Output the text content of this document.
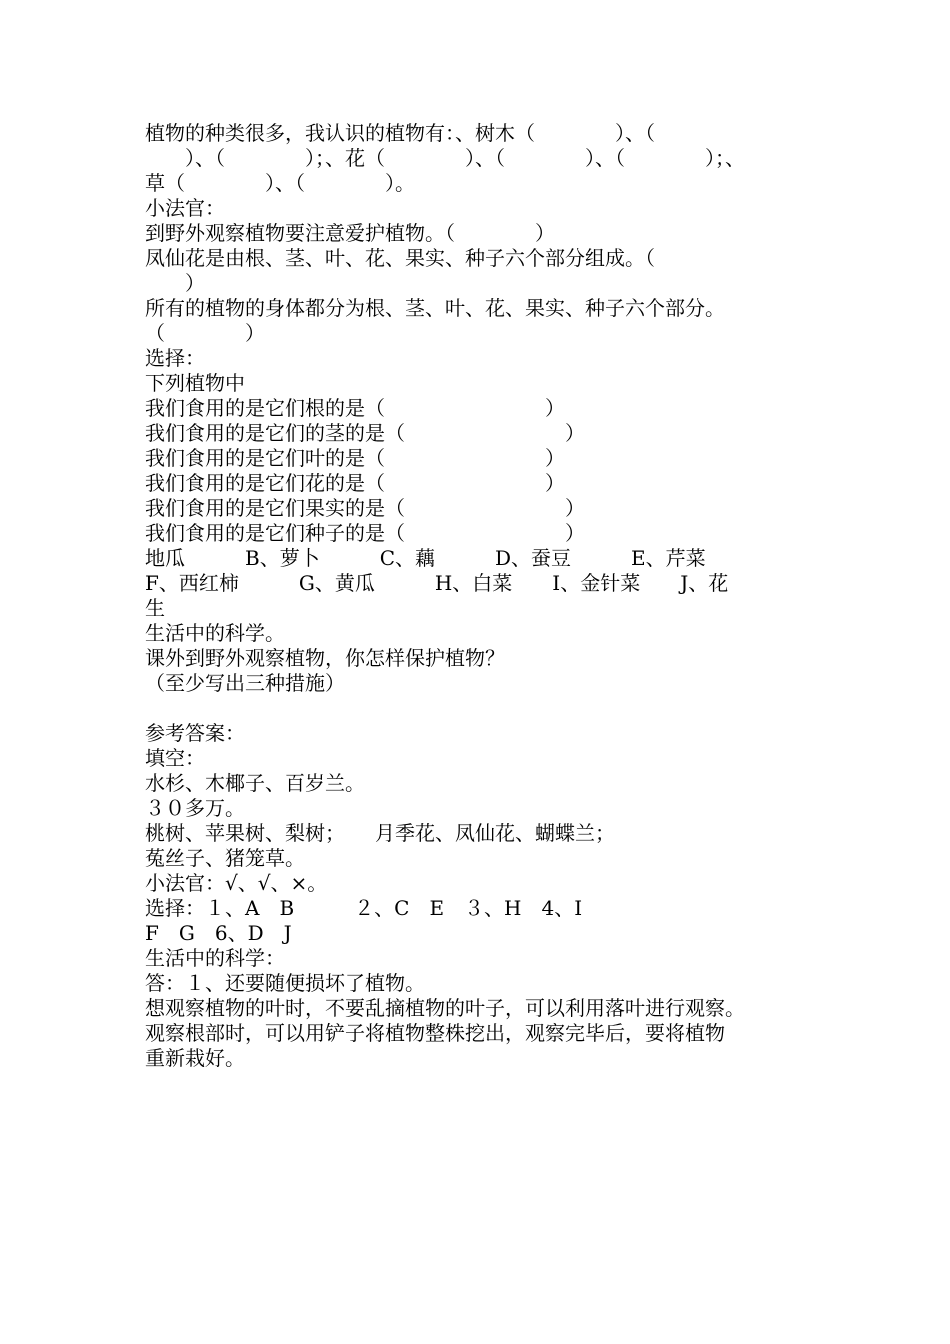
植物的种类很多，我认识的植物有：、树木（　　　　）、（
　　）、（　　　　）；、花（　　　　）、（　　　　）、（　　　　）；、
草（　　　　）、（　　　　）。
小法官：
到野外观察植物要注意爱护植物。（　　　　）
凤仙花是由根、茎、叶、花、果实、种子六个部分组成。（
　　）
所有的植物的身体都分为根、茎、叶、花、果实、种子六个部分。
（　　　　）
选择：
下列植物中
我们食用的是它们根的是（　　　　　　　　）
我们食用的是它们的茎的是（　　　　　　　　）
我们食用的是它们叶的是（　　　　　　　　）
我们食用的是它们花的是（　　　　　　　　）
我们食用的是它们果实的是（　　　　　　　　）
我们食用的是它们种子的是（　　　　　　　　）
地瓜　　　B、萝卜　　　C、藕　　　D、蚕豆　　　E、芹菜
F、西红柿　　　G、黄瓜　　　H、白菜　　I、金针菜　　J、花
生
生活中的科学。
课外到野外观察植物，你怎样保护植物？
（至少写出三种措施）
参考答案：
填空：
水杉、木椰子、百岁兰。
３０多万。
桃树、苹果树、梨树；　　月季花、凤仙花、蝴蝶兰；
菟丝子、猪笼草。
小法官：√、√、×。
选择：１、A　B　　　２、C　E　３、H　4、I
F　G　6、D　J
生活中的科学：
答：１、还要随便损坏了植物。
想观察植物的叶时，不要乱摘植物的叶子，可以利用落叶进行观察。
观察根部时，可以用铲子将植物整株挖出，观察完毕后，要将植物
重新栽好。
